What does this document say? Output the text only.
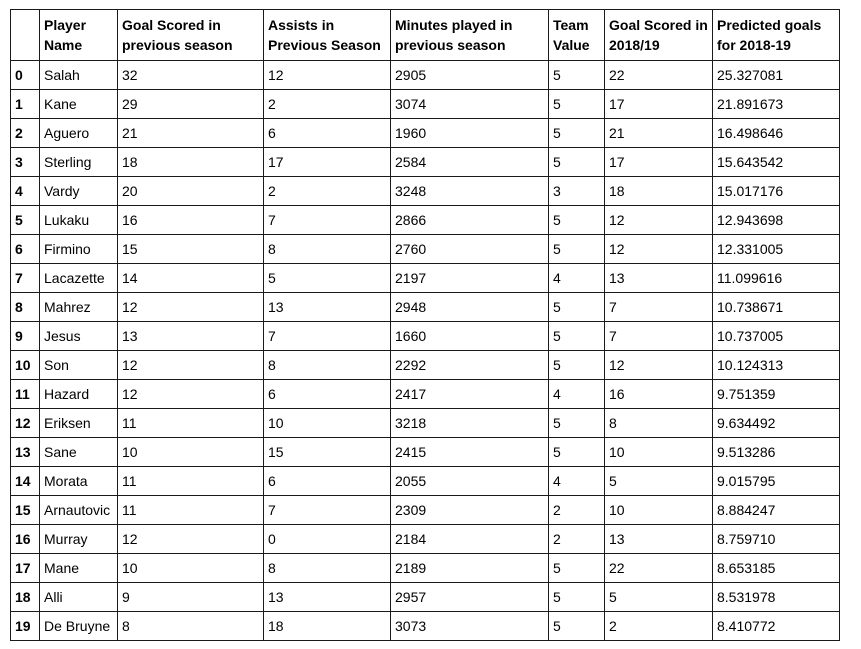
	Player Name	Goal Scored in previous season	Assists in Previous Season	Minutes played in previous season	Team Value	Goal Scored in 2018/19	Predicted goals for 2018-19
0	Salah	32	12	2905	5	22	25.327081
1	Kane	29	2	3074	5	17	21.891673
2	Aguero	21	6	1960	5	21	16.498646
3	Sterling	18	17	2584	5	17	15.643542
4	Vardy	20	2	3248	3	18	15.017176
5	Lukaku	16	7	2866	5	12	12.943698
6	Firmino	15	8	2760	5	12	12.331005
7	Lacazette	14	5	2197	4	13	11.099616
8	Mahrez	12	13	2948	5	7	10.738671
9	Jesus	13	7	1660	5	7	10.737005
10	Son	12	8	2292	5	12	10.124313
11	Hazard	12	6	2417	4	16	9.751359
12	Eriksen	11	10	3218	5	8	9.634492
13	Sane	10	15	2415	5	10	9.513286
14	Morata	11	6	2055	4	5	9.015795
15	Arnautovic	11	7	2309	2	10	8.884247
16	Murray	12	0	2184	2	13	8.759710
17	Mane	10	8	2189	5	22	8.653185
18	Alli	9	13	2957	5	5	8.531978
19	De Bruyne	8	18	3073	5	2	8.410772
